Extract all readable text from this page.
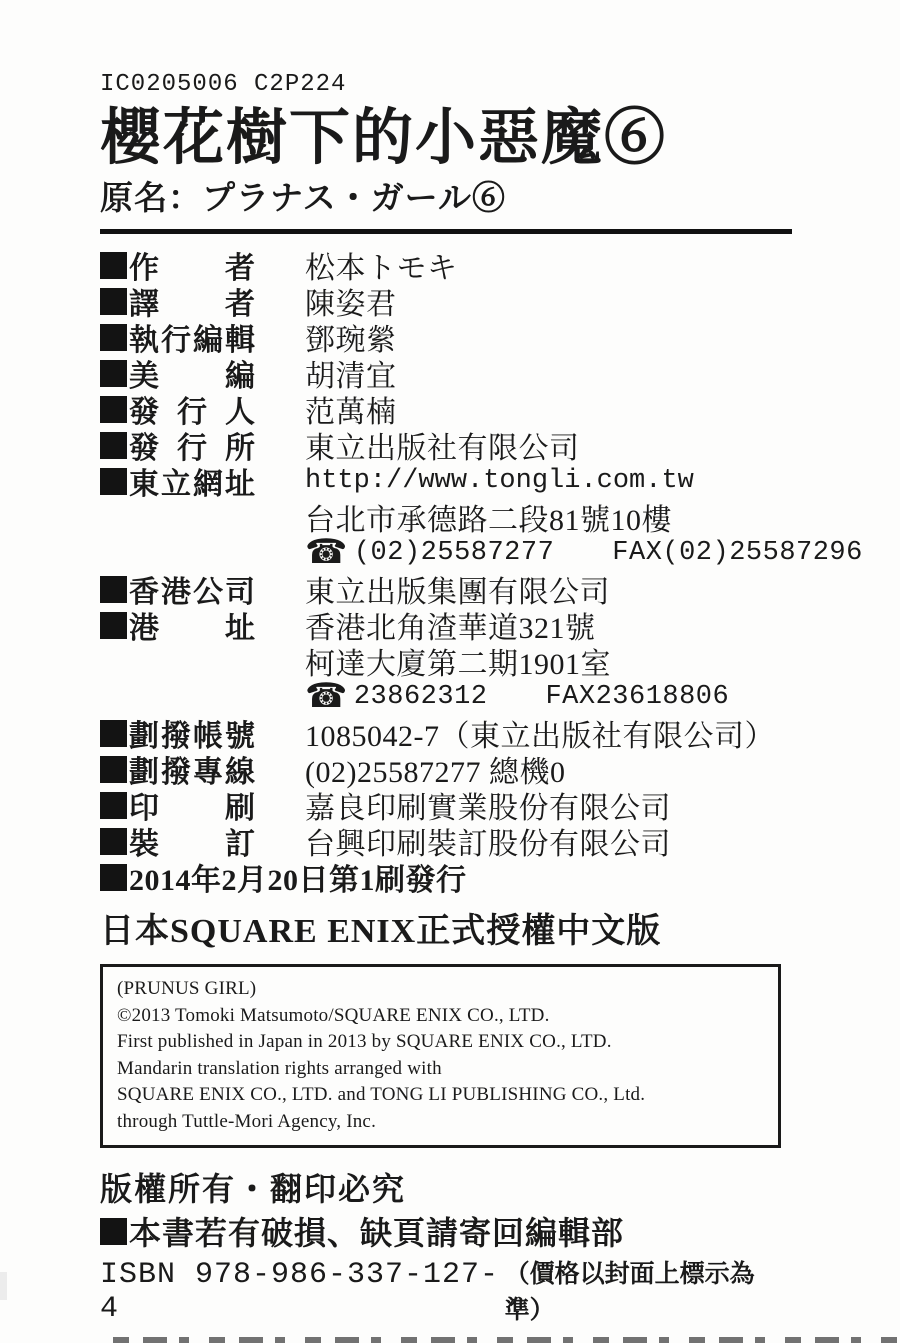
IC0205006 C2P224
櫻花樹下的小惡魔⑥
原名：プラナス・ガール⑥
作 者 松本トモキ
譯 者 陳姿君
執 行 編 輯 鄧琬縈
美 編 胡清宜
發 行 人 范萬楠
發 行 所 東立出版社有限公司
東 立 網 址 http://www.tongli.com.tw
台北市承德路二段81號10樓
☎ (02)25587277 FAX(02)25587296
香 港 公 司 東立出版集團有限公司
港 址 香港北角渣華道321號
柯達大廈第二期1901室
☎ 23862312 FAX23618806
劃 撥 帳 號 1085042-7（東立出版社有限公司）
劃 撥 專 線 (02)25587277 總機0
印 刷 嘉良印刷實業股份有限公司
裝 訂 台興印刷裝訂股份有限公司
2014年2月20日第1刷發行
日本SQUARE ENIX正式授權中文版
(PRUNUS GIRL)
©2013 Tomoki Matsumoto/SQUARE ENIX CO., LTD.
First published in Japan in 2013 by SQUARE ENIX CO., LTD.
Mandarin translation rights arranged with
SQUARE ENIX CO., LTD. and TONG LI PUBLISHING CO., Ltd.
through Tuttle-Mori Agency, Inc.
版權所有・翻印必究
本書若有破損、缺頁請寄回編輯部
ISBN 978-986-337-127-4
（價格以封面上標示為準）
